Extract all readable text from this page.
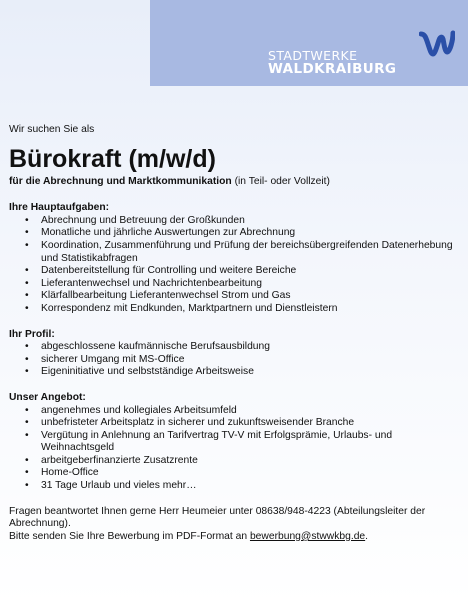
STADTWERKE
WALDKRAIBURG

Wir suchen Sie als

Bürokraft (m/w/d)

für die Abrechnung und Marktkommunikation (in Teil- oder Vollzeit)

Ihre Hauptaufgaben:

• Abrechnung und Betreuung der Großkunden
• Monatliche und jährliche Auswertungen zur Abrechnung
• Koordination, Zusammenführung und Prüfung der bereichsübergreifenden Datenerhebung und Statistikabfragen
• Datenbereitstellung für Controlling und weitere Bereiche
• Lieferantenwechsel und Nachrichtenbearbeitung
• Klärfallbearbeitung Lieferantenwechsel Strom und Gas
• Korrespondenz mit Endkunden, Marktpartnern und Dienstleistern

Ihr Profil:

• abgeschlossene kaufmännische Berufsausbildung
• sicherer Umgang mit MS-Office
• Eigeninitiative und selbstständige Arbeitsweise

Unser Angebot:

• angenehmes und kollegiales Arbeitsumfeld
• unbefristeter Arbeitsplatz in sicherer und zukunftsweisender Branche
• Vergütung in Anlehnung an Tarifvertrag TV-V mit Erfolgsprämie, Urlaubs- und Weihnachtsgeld
• arbeitgeberfinanzierte Zusatzrente
• Home-Office
• 31 Tage Urlaub und vieles mehr…

Fragen beantwortet Ihnen gerne Herr Heumeier unter 08638/948-4223 (Abteilungsleiter der Abrechnung).

Bitte senden Sie Ihre Bewerbung im PDF-Format an bewerbung@stwwkbg.de.
